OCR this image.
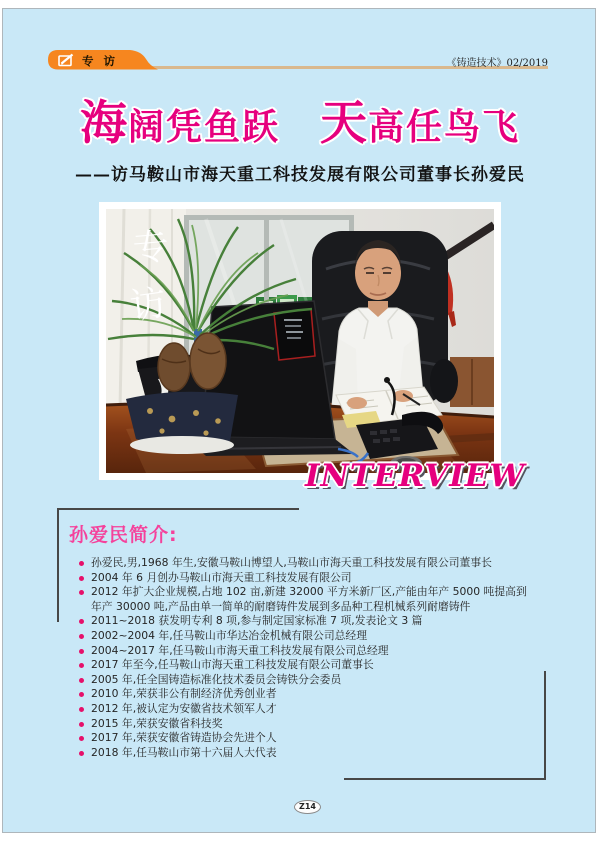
专 访	《铸造技术》02/2019
海阔凭鱼跃 天高任鸟飞
——访马鞍山市海天重工科技发展有限公司董事长孙爱民
专
访
INTERVIEW
孙爱民简介:
孙爱民,男,1968 年生,安徽马鞍山博望人,马鞍山市海天重工科技发展有限公司董事长
2004 年 6 月创办马鞍山市海天重工科技发展有限公司
2012 年扩大企业规模,占地 102 亩,新建 32000 平方米新厂区,产能由年产 5000 吨提高到年产 30000 吨,产品由单一简单的耐磨铸件发展到多品种工程机械系列耐磨铸件
2011~2018 获发明专利 8 项,参与制定国家标准 7 项,发表论文 3 篇
2002~2004 年,任马鞍山市华达冶金机械有限公司总经理
2004~2017 年,任马鞍山市海天重工科技发展有限公司总经理
2017 年至今,任马鞍山市海天重工科技发展有限公司董事长
2005 年,任全国铸造标准化技术委员会铸铁分会委员
2010 年,荣获非公有制经济优秀创业者
2012 年,被认定为安徽省技术领军人才
2015 年,荣获安徽省科技奖
2017 年,荣获安徽省铸造协会先进个人
2018 年,任马鞍山市第十六届人大代表
Z14
